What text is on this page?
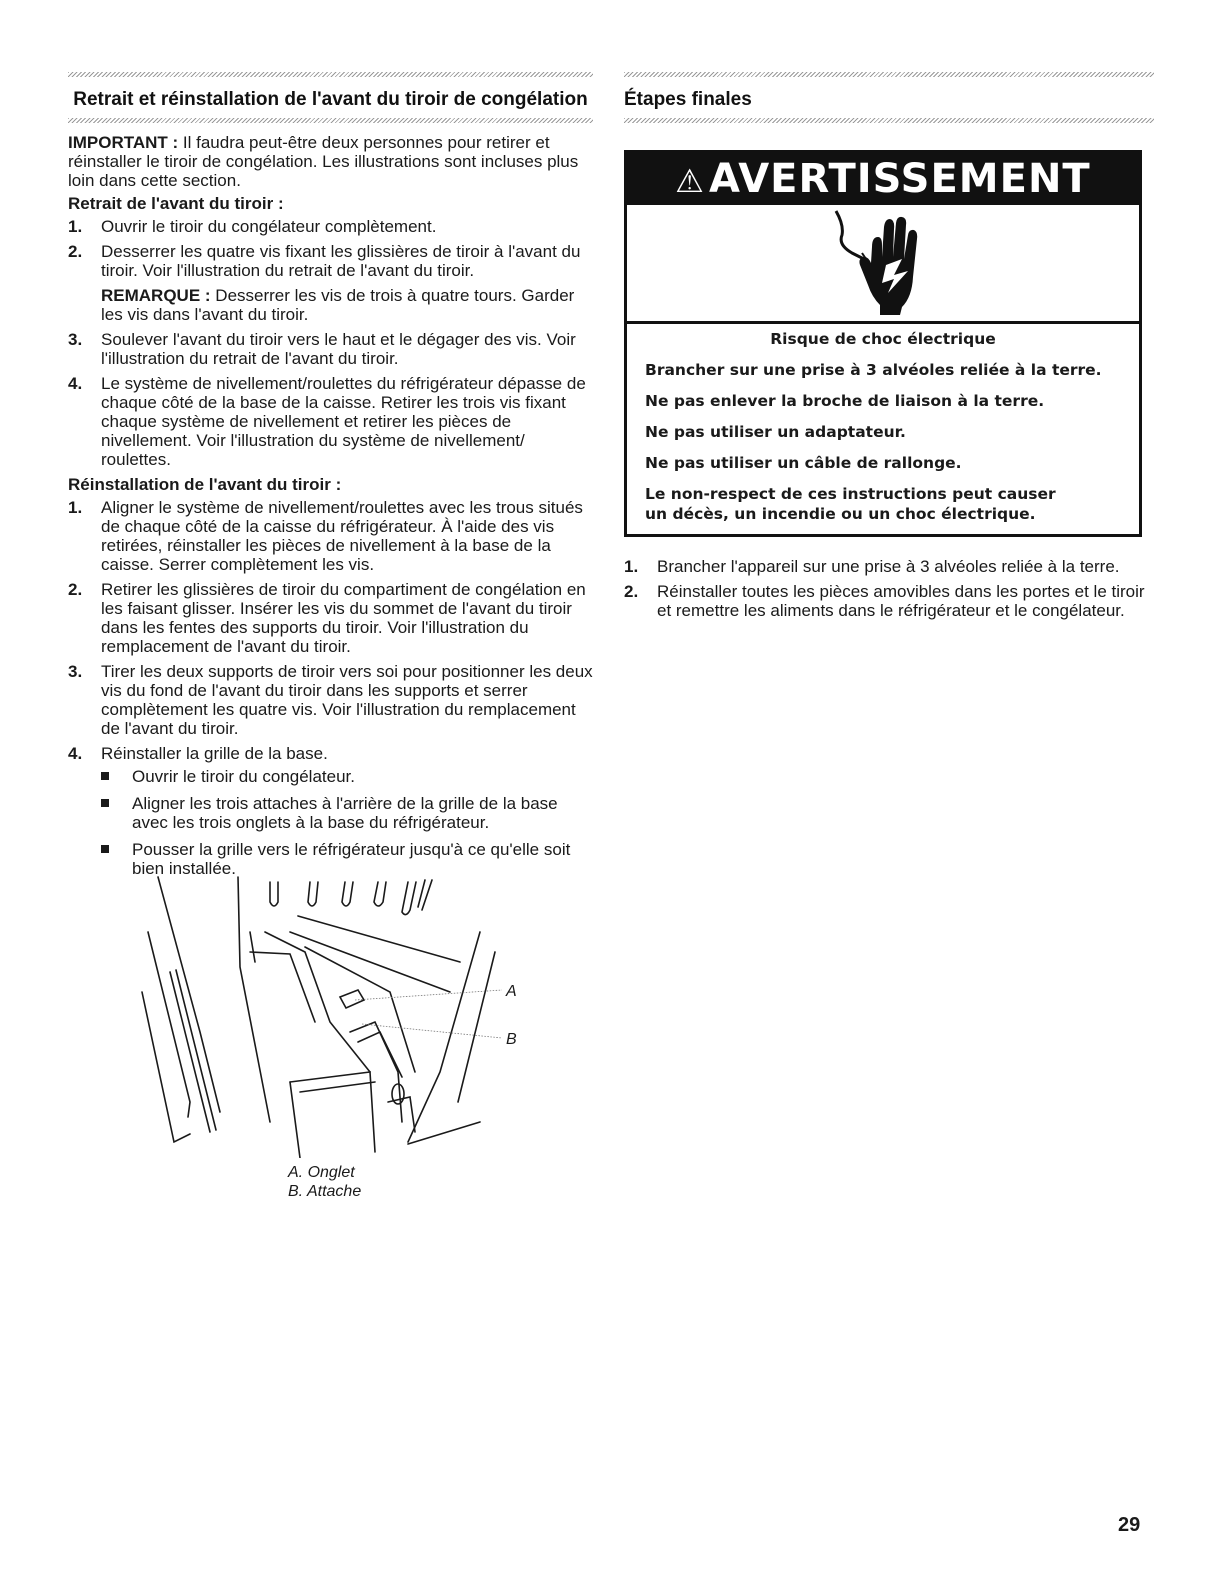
Retrait et réinstallation de l'avant du tiroir de congélation

IMPORTANT : Il faudra peut-être deux personnes pour retirer et réinstaller le tiroir de congélation. Les illustrations sont incluses plus loin dans cette section.

Retrait de l'avant du tiroir :

1. Ouvrir le tiroir du congélateur complètement.
2. Desserrer les quatre vis fixant les glissières de tiroir à l'avant du tiroir. Voir l'illustration du retrait de l'avant du tiroir.

REMARQUE : Desserrer les vis de trois à quatre tours. Garder les vis dans l'avant du tiroir.

3. Soulever l'avant du tiroir vers le haut et le dégager des vis. Voir l'illustration du retrait de l'avant du tiroir.
4. Le système de nivellement/roulettes du réfrigérateur dépasse de chaque côté de la base de la caisse. Retirer les trois vis fixant chaque système de nivellement et retirer les pièces de nivellement. Voir l'illustration du système de nivellement/ roulettes.

Réinstallation de l'avant du tiroir :

1. Aligner le système de nivellement/roulettes avec les trous situés de chaque côté de la caisse du réfrigérateur. À l'aide des vis retirées, réinstaller les pièces de nivellement à la base de la caisse. Serrer complètement les vis.
2. Retirer les glissières de tiroir du compartiment de congélation en les faisant glisser. Insérer les vis du sommet de l'avant du tiroir dans les fentes des supports du tiroir. Voir l'illustration du remplacement de l'avant du tiroir.
3. Tirer les deux supports de tiroir vers soi pour positionner les deux vis du fond de l'avant du tiroir dans les supports et serrer complètement les quatre vis. Voir l'illustration du remplacement de l'avant du tiroir.
4. Réinstaller la grille de la base.
Ouvrir le tiroir du congélateur.
Aligner les trois attaches à l'arrière de la grille de la base avec les trois onglets à la base du réfrigérateur.
Pousser la grille vers le réfrigérateur jusqu'à ce qu'elle soit bien installée.
A
B
A. Onglet
B. Attache
Étapes finales
⚠ AVERTISSEMENT

Risque de choc électrique

Brancher sur une prise à 3 alvéoles reliée à la terre.

Ne pas enlever la broche de liaison à la terre.

Ne pas utiliser un adaptateur.

Ne pas utiliser un câble de rallonge.

Le non-respect de ces instructions peut causer
un décès, un incendie ou un choc électrique.

1. Brancher l'appareil sur une prise à 3 alvéoles reliée à la terre.
2. Réinstaller toutes les pièces amovibles dans les portes et le tiroir et remettre les aliments dans le réfrigérateur et le congélateur.
29
